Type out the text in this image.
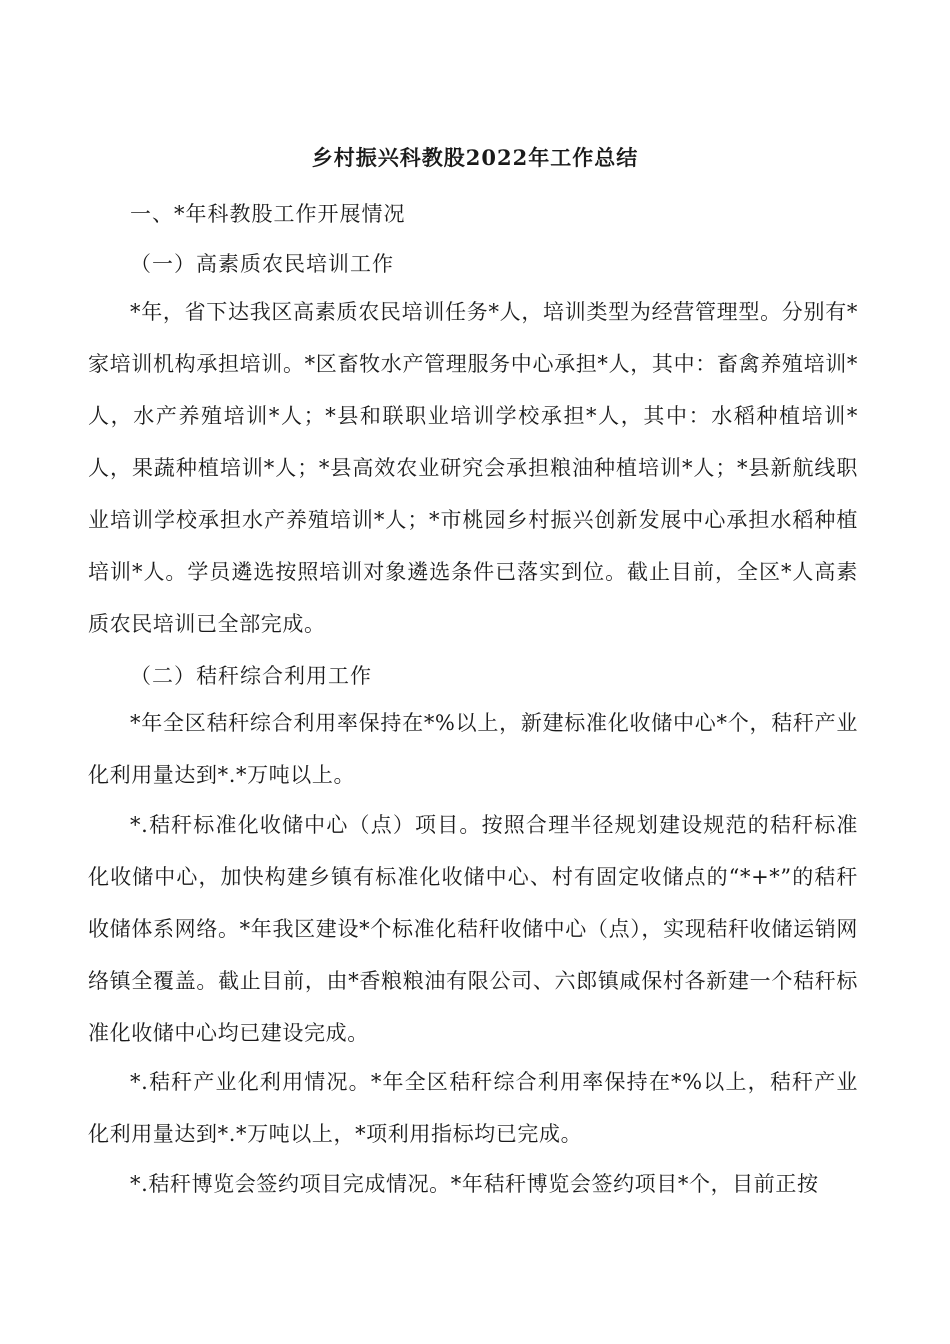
乡村振兴科教股2022年工作总结
一、*年科教股工作开展情况
（一）高素质农民培训工作

*年，省下达我区高素质农民培训任务*人，培训类型为经营管理型。分别有*家培训机构承担培训。*区畜牧水产管理服务中心承担*人，其中：畜禽养殖培训*人，水产养殖培训*人；*县和联职业培训学校承担*人，其中：水稻种植培训*人，果蔬种植培训*人；*县高效农业研究会承担粮油种植培训*人；*县新航线职业培训学校承担水产养殖培训*人；*市桃园乡村振兴创新发展中心承担水稻种植培训*人。学员遴选按照培训对象遴选条件已落实到位。截止目前，全区*人高素质农民培训已全部完成。

（二）秸秆综合利用工作

*年全区秸秆综合利用率保持在*%以上，新建标准化收储中心*个，秸秆产业化利用量达到*.*万吨以上。

*.秸秆标准化收储中心（点）项目。按照合理半径规划建设规范的秸秆标准化收储中心，加快构建乡镇有标准化收储中心、村有固定收储点的“*+*”的秸秆收储体系网络。*年我区建设*个标准化秸秆收储中心（点），实现秸秆收储运销网络镇全覆盖。截止目前，由*香粮粮油有限公司、六郎镇咸保村各新建一个秸秆标准化收储中心均已建设完成。

*.秸秆产业化利用情况。*年全区秸秆综合利用率保持在*%以上，秸秆产业化利用量达到*.*万吨以上，*项利用指标均已完成。

*.秸秆博览会签约项目完成情况。*年秸秆博览会签约项目*个，目前正按
